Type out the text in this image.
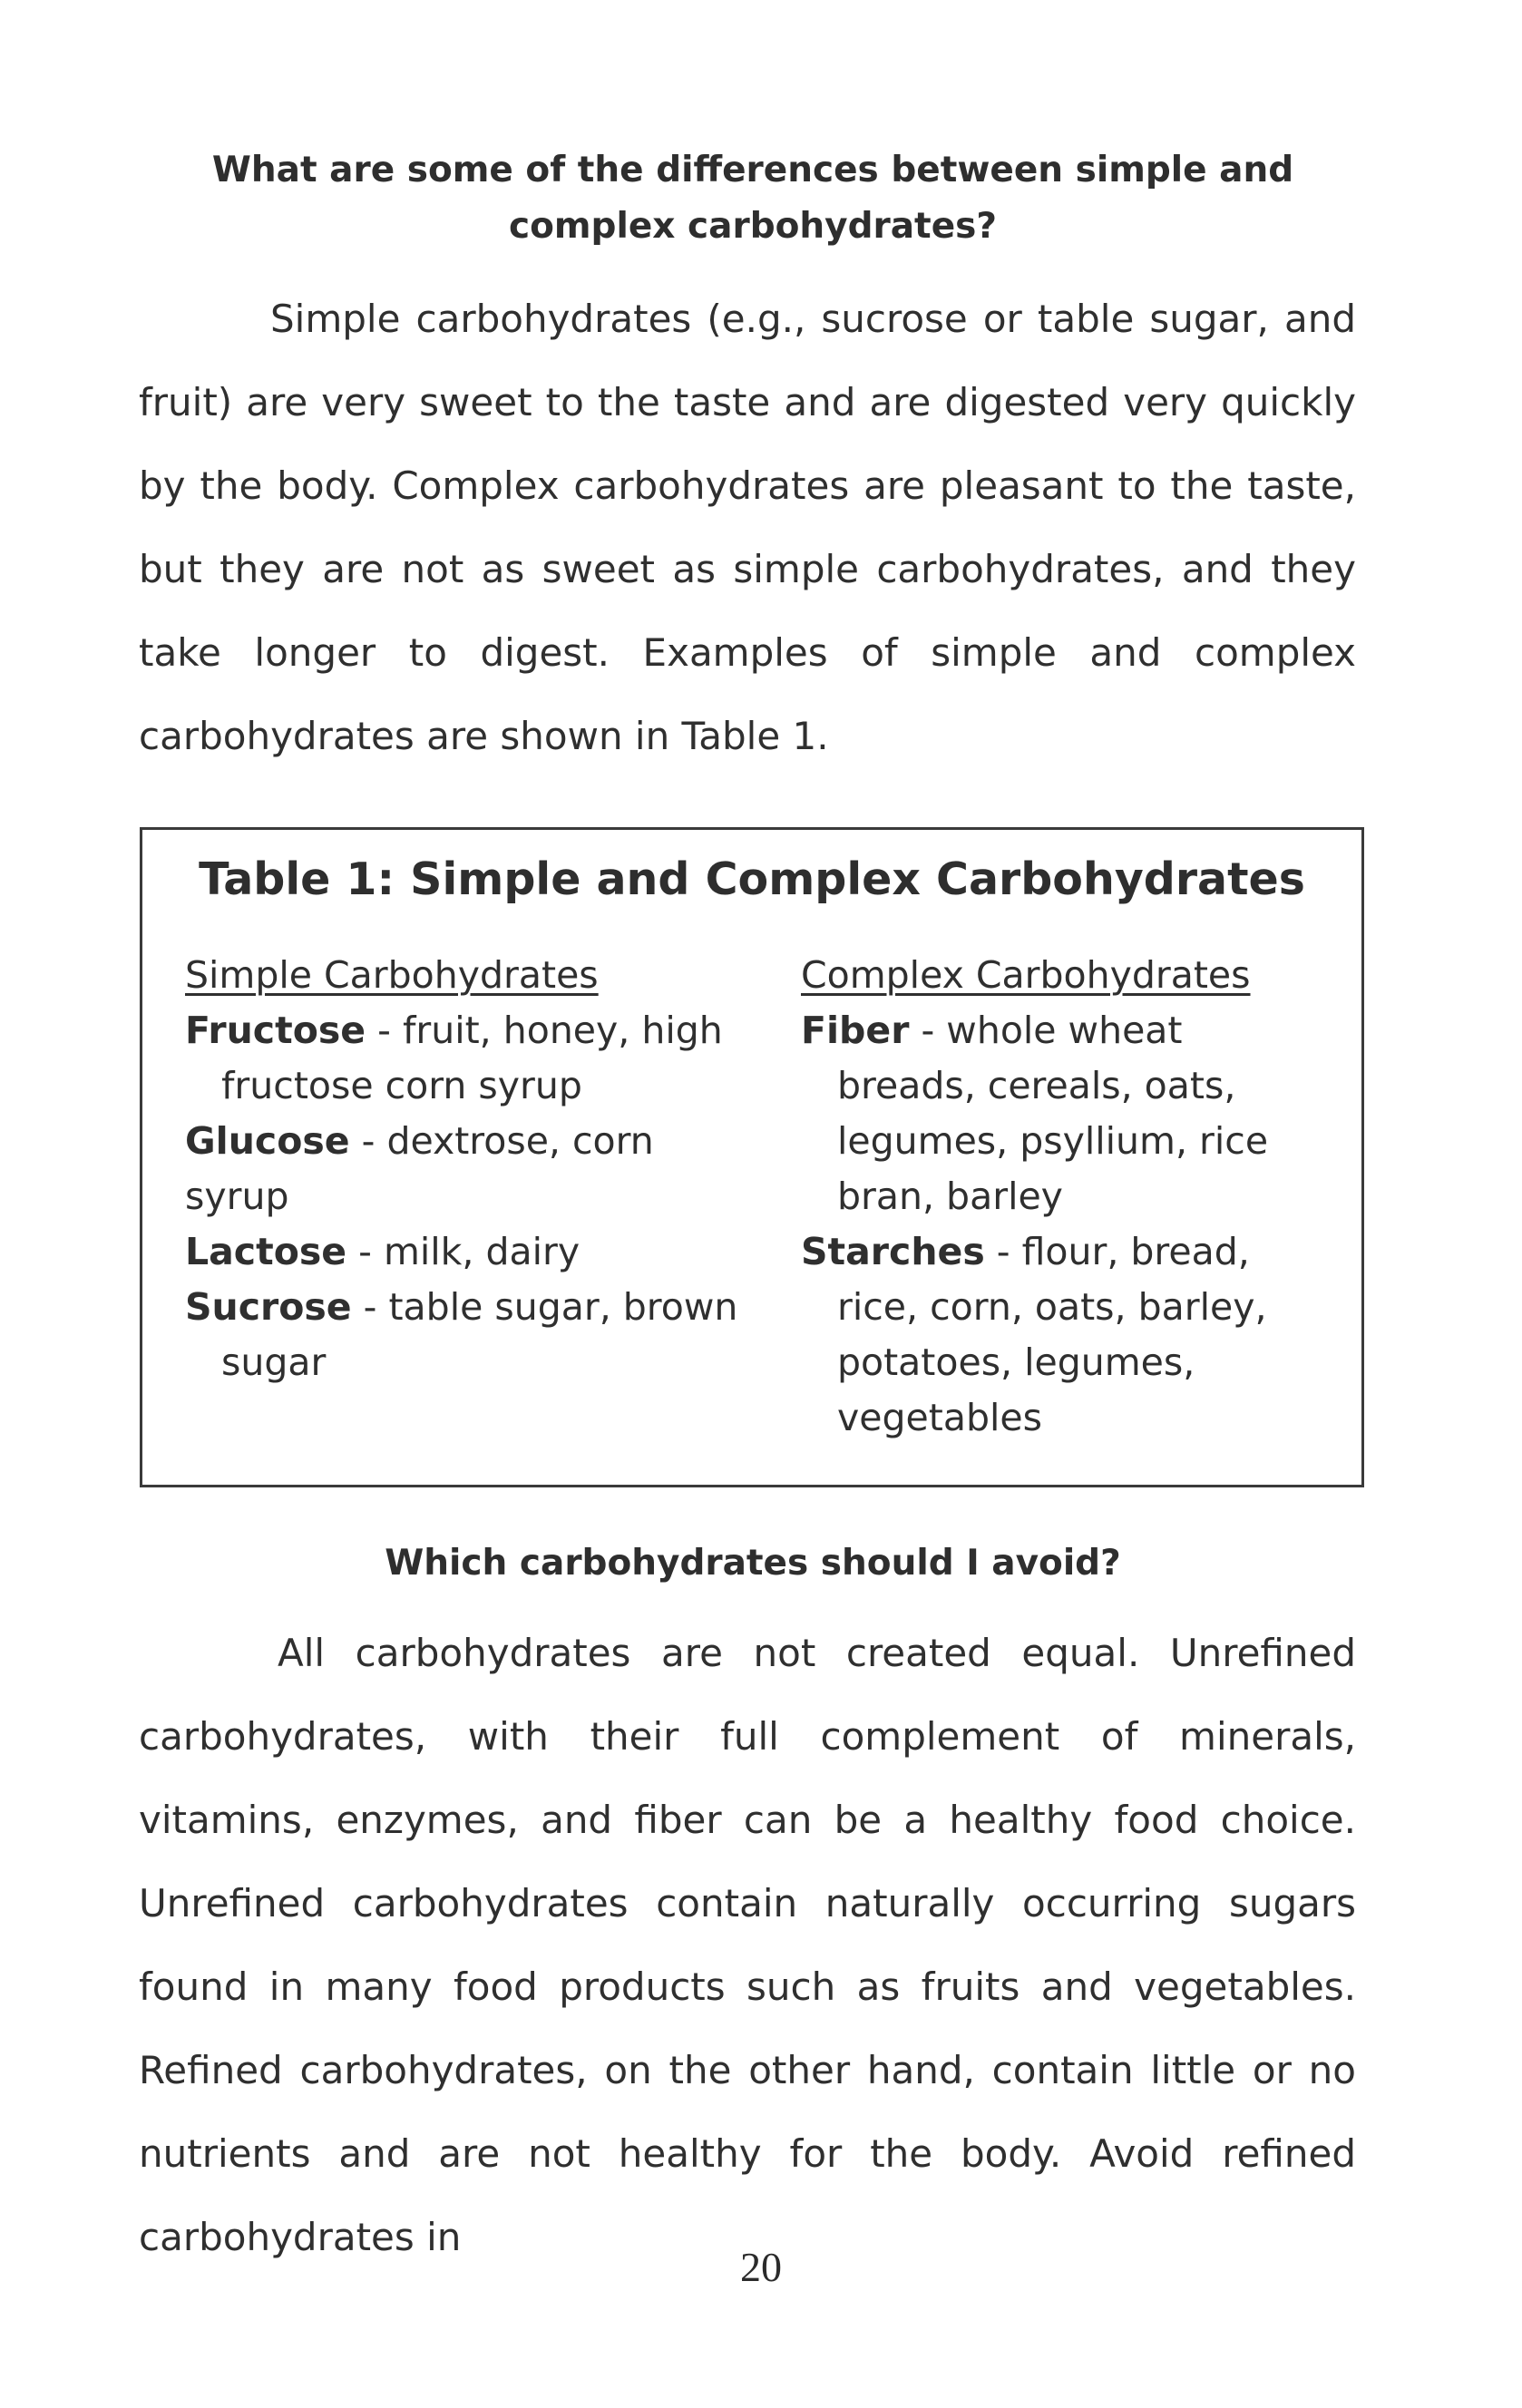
What are some of the differences between simple and complex carbohydrates?
Simple carbohydrates (e.g., sucrose or table sugar, and fruit) are very sweet to the taste and are digested very quickly by the body. Complex carbohydrates are pleasant to the taste, but they are not as sweet as simple carbohydrates, and they take longer to digest. Examples of simple and complex carbohydrates are shown in Table 1.
Table 1: Simple and Complex Carbohydrates
Simple Carbohydrates

Fructose - fruit, honey, high fructose corn syrup

Glucose - dextrose, corn syrup

Lactose - milk, dairy

Sucrose - table sugar, brown sugar

Complex Carbohydrates

Fiber - whole wheat breads, cereals, oats, legumes, psyllium, rice bran, barley

Starches - flour, bread, rice, corn, oats, barley, potatoes, legumes, vegetables

Which carbohydrates should I avoid?
All carbohydrates are not created equal. Unrefined carbohydrates, with their full complement of minerals, vitamins, enzymes, and fiber can be a healthy food choice. Unrefined carbohydrates contain naturally occurring sugars found in many food products such as fruits and vegetables. Refined carbohydrates, on the other hand, contain little or no nutrients and are not healthy for the body. Avoid refined carbohydrates in
20
